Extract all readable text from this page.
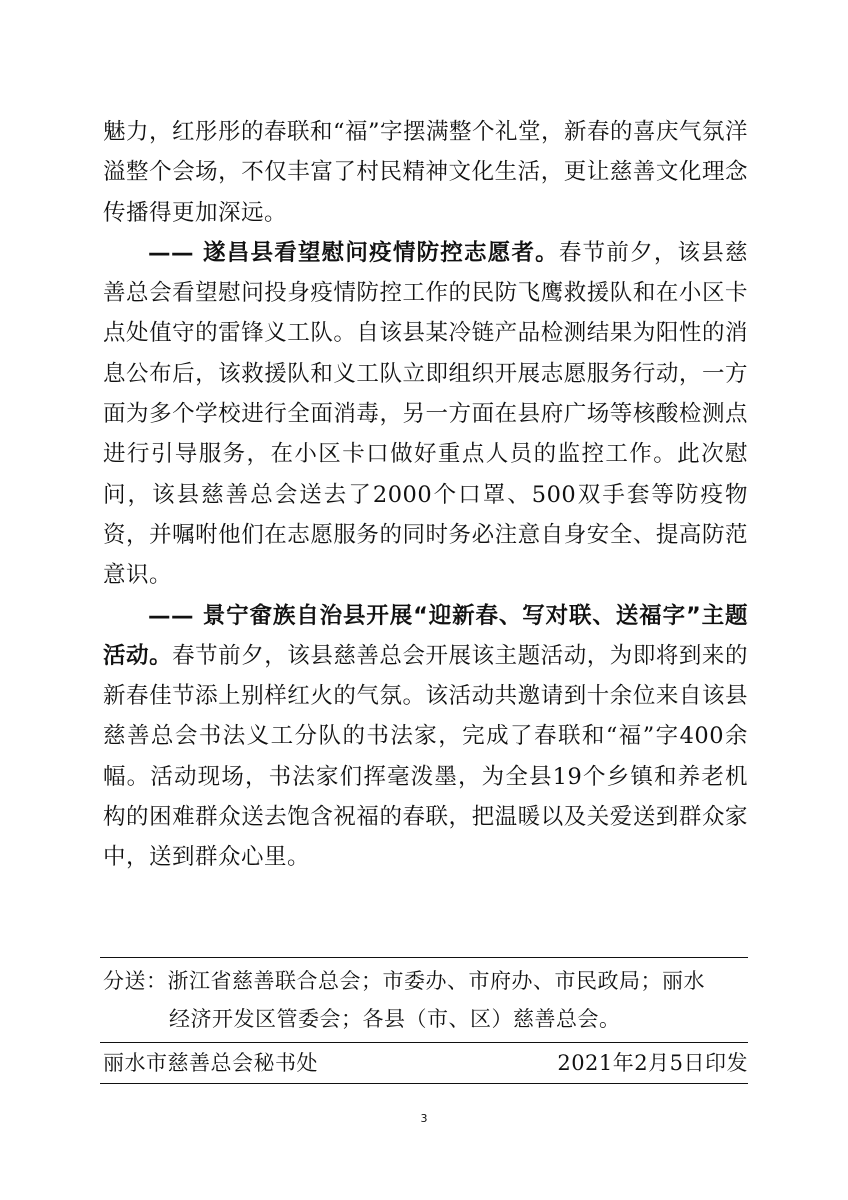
魅力，红彤彤的春联和“福”字摆满整个礼堂，新春的喜庆气氛洋溢整个会场，不仅丰富了村民精神文化生活，更让慈善文化理念传播得更加深远。

—— 遂昌县看望慰问疫情防控志愿者。春节前夕，该县慈善总会看望慰问投身疫情防控工作的民防飞鹰救援队和在小区卡点处值守的雷锋义工队。自该县某冷链产品检测结果为阳性的消息公布后，该救援队和义工队立即组织开展志愿服务行动，一方面为多个学校进行全面消毒，另一方面在县府广场等核酸检测点进行引导服务，在小区卡口做好重点人员的监控工作。此次慰问，该县慈善总会送去了2000个口罩、500双手套等防疫物资，并嘱咐他们在志愿服务的同时务必注意自身安全、提高防范意识。

—— 景宁畲族自治县开展“迎新春、写对联、送福字”主题活动。春节前夕，该县慈善总会开展该主题活动，为即将到来的新春佳节添上别样红火的气氛。该活动共邀请到十余位来自该县慈善总会书法义工分队的书法家，完成了春联和“福”字400余幅。活动现场，书法家们挥毫泼墨，为全县19个乡镇和养老机构的困难群众送去饱含祝福的春联，把温暖以及关爱送到群众家中，送到群众心里。

分送：浙江省慈善联合总会；市委办、市府办、市民政局；丽水

经济开发区管委会；各县（市、区）慈善总会。

丽水市慈善总会秘书处	2021年2月5日印发
3
